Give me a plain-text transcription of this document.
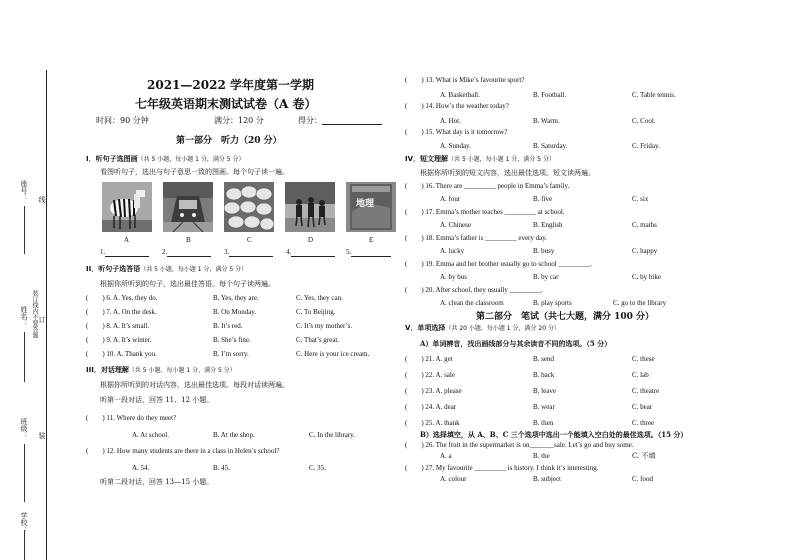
座号： 线
姓名： 装订线内不要答题 订
班级： 装
学校：
2021—2022 学年度第一学期
七年级英语期末测试试卷（A 卷）
时间：90 分钟	满分：120 分	得分：
第一部分　听力（20 分）
I．听句子选图画（共 5 小题，每小题 1 分，满分 5 分）
看图听句子，选出与句子意思一致的图画。每个句子读一遍。
地理
A	B	C	D	E
1.	2.	3.	4.	5.
II．听句子选答语（共 5 小题，每小题 1 分，满分 5 分）
根据你所听到的句子，选出最佳答语。每个句子读两遍。
(　　) 6. A. Yes, they do.	B. Yes, they are.	C. Yes, they can.
(　　) 7. A. On the desk.	B. On Monday.	C. To Beijing.
(　　) 8. A. It’s small.	B. It’s red.	C. It’s my mother’s.
(　　) 9. A. It’s winter.	B. She’s fine.	C. That’s great.
(　　) 10. A. Thank you.	B. I’m sorry.	C. Here is your ice cream.
III．对话理解（共 5 小题，每小题 1 分，满分 5 分）
根据你所听到的对话内容，选出最佳选项。每段对话读两遍。
听第一段对话，回答 11、12 小题。
(　　) 11. Where do they meet?
A. At school.	B. At the shop.	C. In the library.
(　　) 12. How many students are there in a class in Helen’s school?
A. 54.	B. 45.	C. 35.
听第二段对话，回答 13—15 小题。
(　　) 13. What is Mike’s favourite sport?
A. Basketball.	B. Football.	C. Table tennis.
(　　) 14. How’s the weather today?
A. Hot.	B. Warm.	C. Cool.
(　　) 15. What day is it tomorrow?
A. Sunday.	B. Saturday.	C. Friday.
IV．短文理解（共 5 小题，每小题 1 分，满分 5 分）
根据你所听到的短文内容，选出最佳选项。短文读两遍。
(　　) 16. There are _________ people in Emma’s family.
A. four	B. five	C. six
(　　) 17. Emma’s mother teaches _________ at school.
A. Chinese	B. English	C. maths
(　　) 18. Emma’s father is _________ every day.
A. lucky	B. busy	C. happy
(　　) 19. Emma and her brother usually go to school _________.
A. by bus	B. by car	C. by bike
(　　) 20. After school, they usually _________.
A. clean the classroom	B. play sports	C. go to the library
第二部分　笔试（共七大题，满分 100 分）
V．单项选择（共 20 小题，每小题 1 分，满分 20 分）
A）单词辨音，找出画线部分与其余读音不同的选项。（5 分）
(　　) 21. A. get	B. send	C. these
(　　) 22. A. sale	B. back	C. lab
(　　) 23. A. please	B. leave	C. theatre
(　　) 24. A. dear	B. wear	C. bear
(　　) 25. A. thank	B. then	C. three
B）选择填空，从 A、B、C 三个选项中选出一个能填入空白处的最佳选项。（15 分）
(　　) 26. The fruit in the supermarket is on_______sale. Let’s go and buy some.
A. a	B. the	C. 不填
(　　) 27. My favourite _________ is history. I think it’s interesting.
A. colour	B. subject	C. food
